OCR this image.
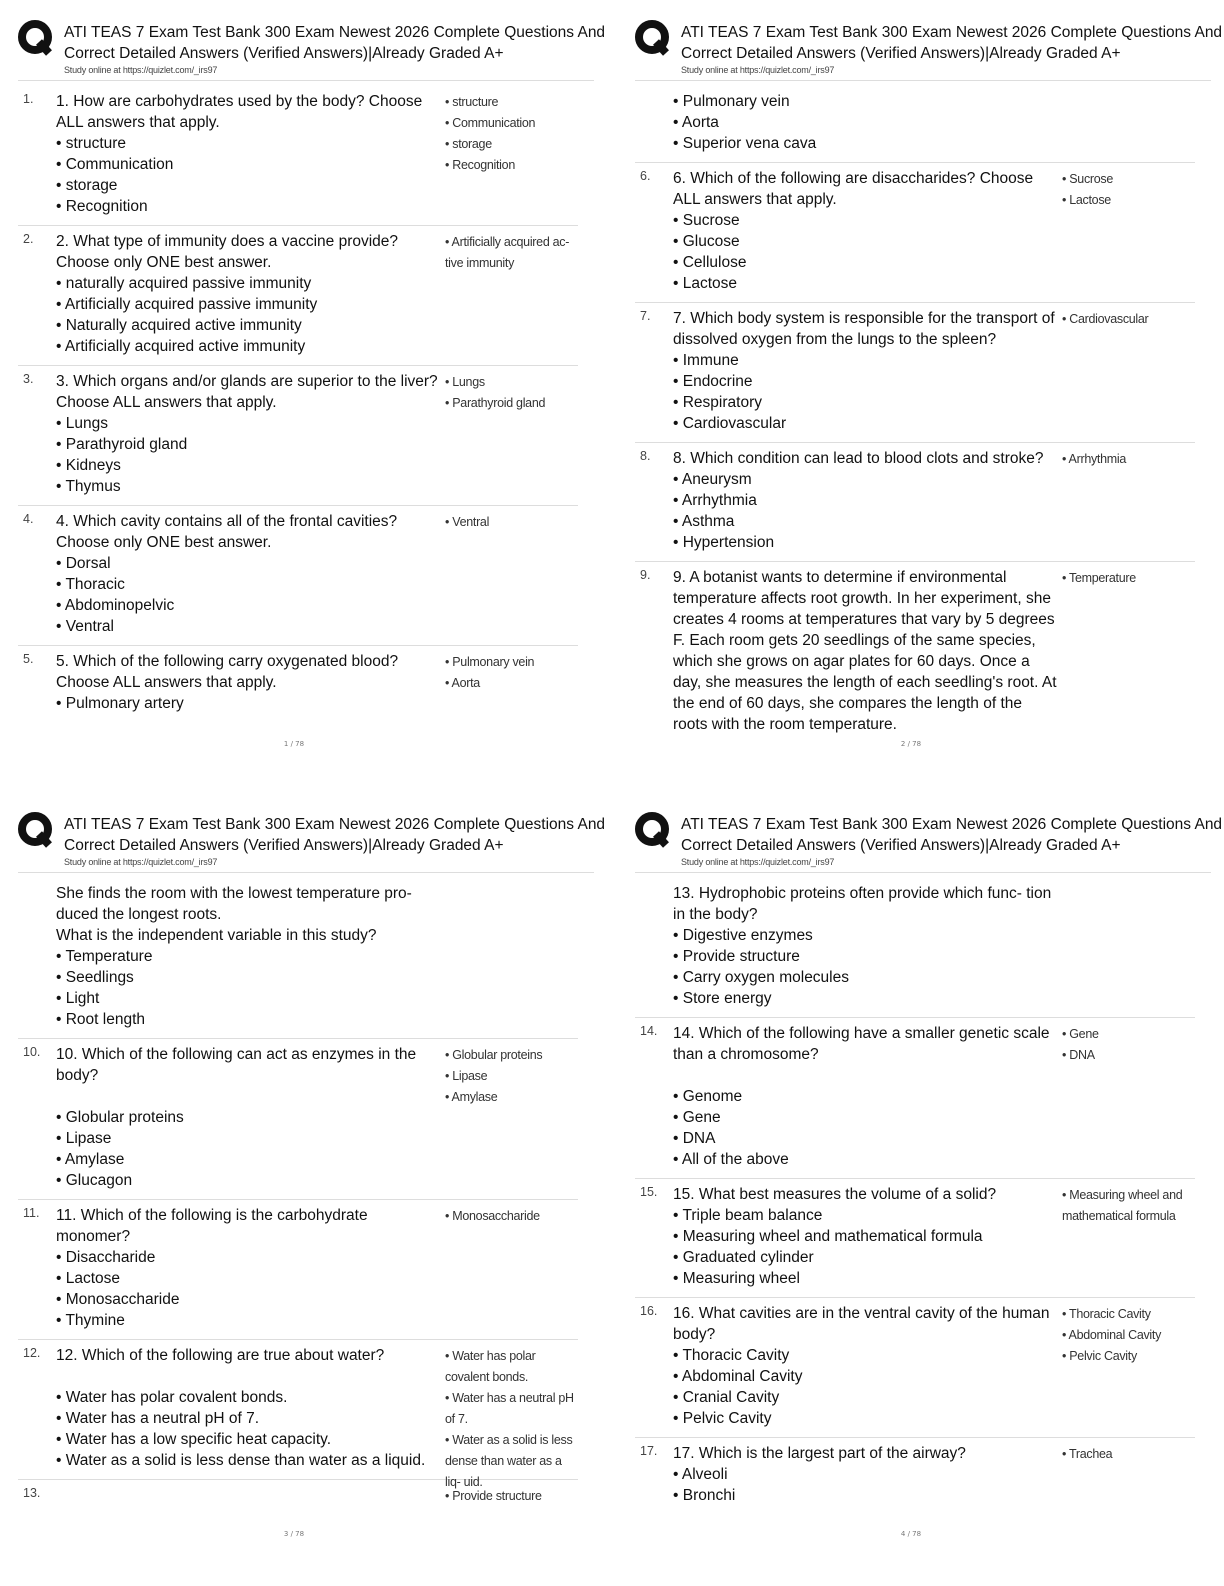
ATI TEAS 7 Exam Test Bank 300 Exam Newest 2026 Complete Questions And
Correct Detailed Answers (Verified Answers)|Already Graded A+
Study online at https://quizlet.com/_irs97
1. 1. How are carbohydrates used by the body? Choose ALL answers that apply.
• structure
• Communication
• storage
• Recognition
• structure
• Communication
• storage
• Recognition
2. 2. What type of immunity does a vaccine provide? Choose only ONE best answer.
• naturally acquired passive immunity
• Artificially acquired passive immunity
• Naturally acquired active immunity
• Artificially acquired active immunity
• Artificially acquired ac- tive immunity
3. 3. Which organs and/or glands are superior to the liver? Choose ALL answers that apply.
• Lungs
• Parathyroid gland
• Kidneys
• Thymus
• Lungs
• Parathyroid gland
4. 4. Which cavity contains all of the frontal cavities? Choose only ONE best answer.
• Dorsal
• Thoracic
• Abdominopelvic
• Ventral
• Ventral
5. 5. Which of the following carry oxygenated blood? Choose ALL answers that apply.
• Pulmonary artery
• Pulmonary vein
• Aorta
1 / 78
ATI TEAS 7 Exam Test Bank 300 Exam Newest 2026 Complete Questions And
Correct Detailed Answers (Verified Answers)|Already Graded A+
Study online at https://quizlet.com/_irs97
• Pulmonary vein
• Aorta
• Superior vena cava
6. 6. Which of the following are disaccharides? Choose ALL answers that apply.
• Sucrose
• Glucose
• Cellulose
• Lactose
• Sucrose
• Lactose
7. 7. Which body system is responsible for the transport of dissolved oxygen from the lungs to the spleen?
• Immune
• Endocrine
• Respiratory
• Cardiovascular
• Cardiovascular
8. 8. Which condition can lead to blood clots and stroke?
• Aneurysm
• Arrhythmia
• Asthma
• Hypertension
• Arrhythmia
9. 9. A botanist wants to determine if environmental temperature affects root growth. In her experiment, she creates 4 rooms at temperatures that vary by 5 degrees F. Each room gets 20 seedlings of the same species, which she grows on agar plates for 60 days. Once a day, she measures the length of each seedling's root. At the end of 60 days, she compares the length of the roots with the room temperature.
• Temperature
2 / 78
ATI TEAS 7 Exam Test Bank 300 Exam Newest 2026 Complete Questions And
Correct Detailed Answers (Verified Answers)|Already Graded A+
Study online at https://quizlet.com/_irs97
She finds the room with the lowest temperature pro- duced the longest roots.
What is the independent variable in this study?
• Temperature
• Seedlings
• Light
• Root length
10. 10. Which of the following can act as enzymes in the body?
• Globular proteins
• Lipase
• Amylase
• Glucagon
• Globular proteins
• Lipase
• Amylase
11. 11. Which of the following is the carbohydrate monomer?
• Disaccharide
• Lactose
• Monosaccharide
• Thymine
• Monosaccharide
12. 12. Which of the following are true about water?
• Water has polar covalent bonds.
• Water has a neutral pH of 7.
• Water has a low specific heat capacity.
• Water as a solid is less dense than water as a liquid.
• Water has polar covalent bonds.
• Water has a neutral pH of 7.
• Water as a solid is less dense than water as a liq- uid.
13.	• Provide structure
3 / 78
ATI TEAS 7 Exam Test Bank 300 Exam Newest 2026 Complete Questions And
Correct Detailed Answers (Verified Answers)|Already Graded A+
Study online at https://quizlet.com/_irs97
13. Hydrophobic proteins often provide which func- tion in the body?
• Digestive enzymes
• Provide structure
• Carry oxygen molecules
• Store energy
14. 14. Which of the following have a smaller genetic scale than a chromosome?
• Genome
• Gene
• DNA
• All of the above
• Gene
• DNA
15. 15. What best measures the volume of a solid?
• Triple beam balance
• Measuring wheel and mathematical formula
• Graduated cylinder
• Measuring wheel
• Measuring wheel and mathematical formula
16. 16. What cavities are in the ventral cavity of the human body?
• Thoracic Cavity
• Abdominal Cavity
• Cranial Cavity
• Pelvic Cavity
• Thoracic Cavity
• Abdominal Cavity
• Pelvic Cavity
17. 17. Which is the largest part of the airway?
• Alveoli
• Bronchi
• Trachea
4 / 78
